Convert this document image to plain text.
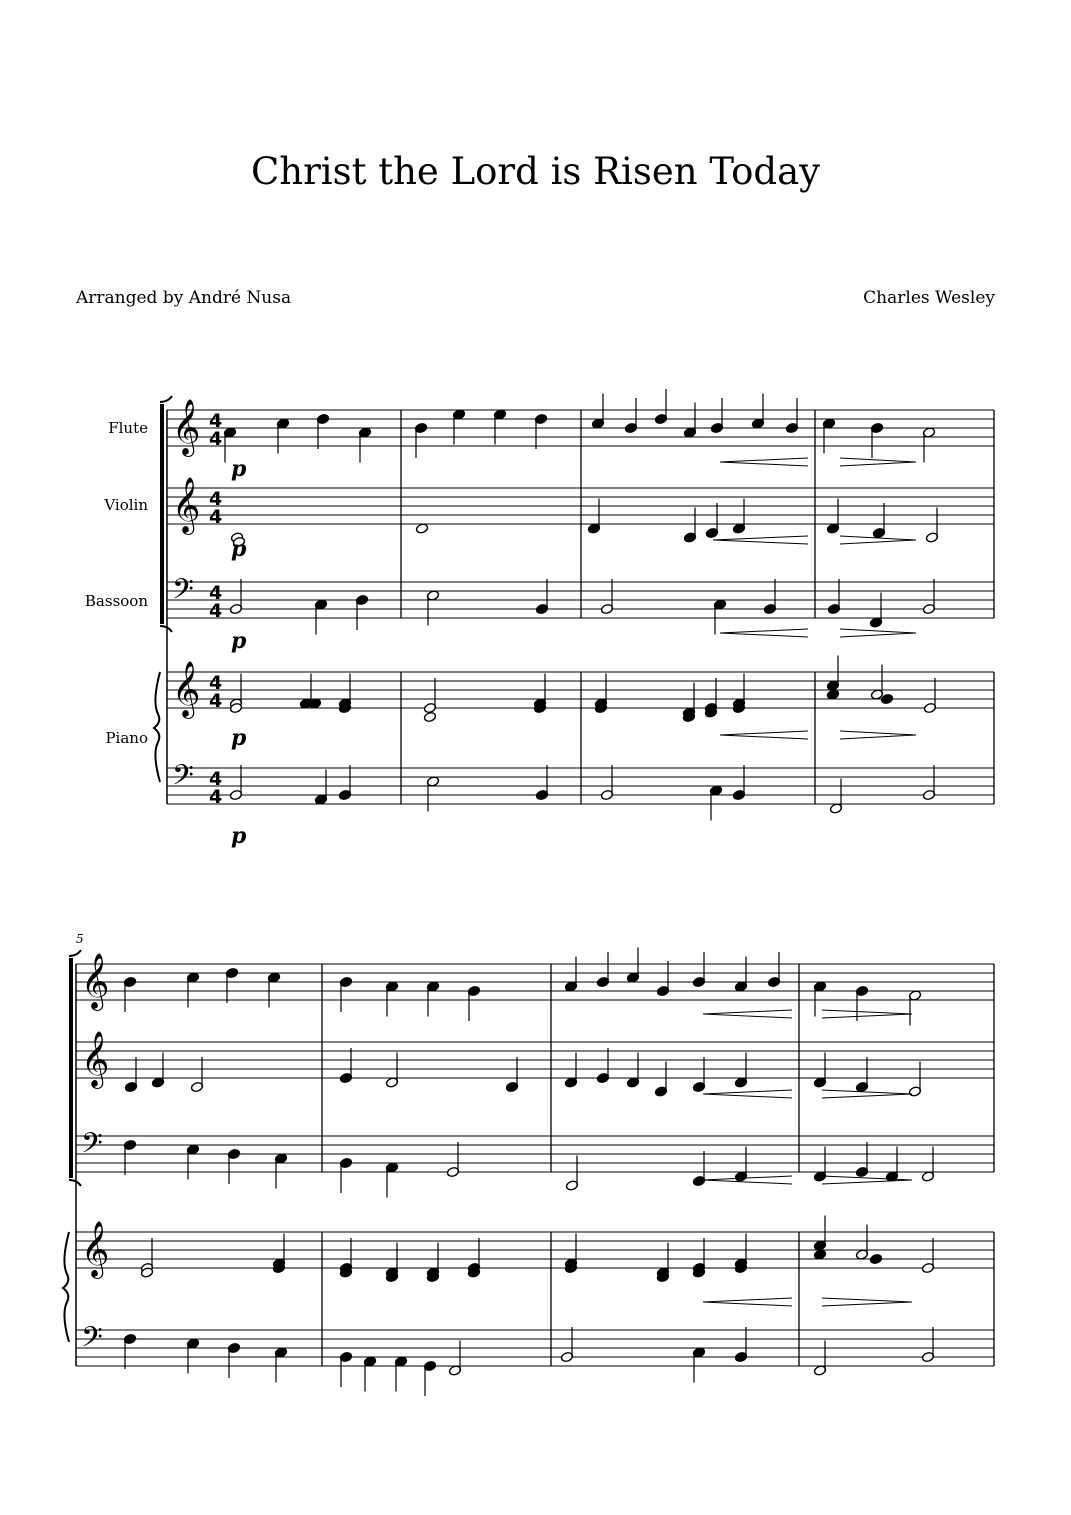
Christ the Lord is Risen Today
Arranged by André Nusa	Charles Wesley
Flute
Violin
Bassoon
Piano
𝄞
𝄞
𝄢
𝄞
𝄢
𝄞
𝄞
𝄢
𝄞
𝄢
4
4
4
4
4
4
4
4
4
4
p
p
p
p
p
5
